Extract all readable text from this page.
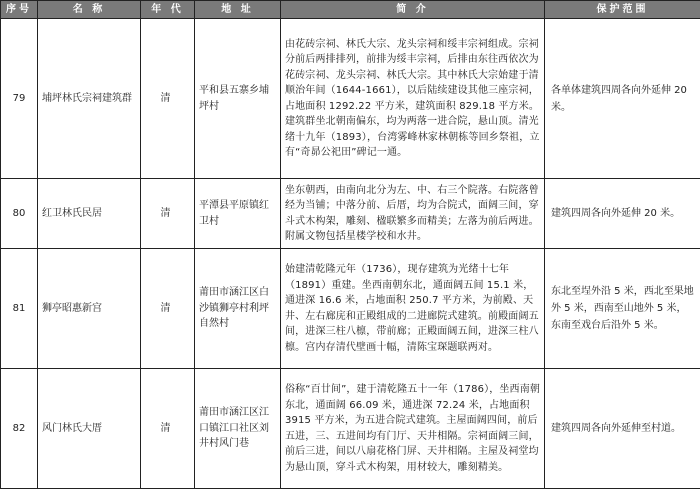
序号	名 称	年 代	地 址	简 介	保护范围
79	埔坪林氏宗祠建筑群	清	平和县五寨乡埔坪村	由花砖宗祠、林氏大宗、龙头宗祠和绥丰宗祠组成。宗祠分前后两排排列，前排为绥丰宗祠，后排由东往西依次为花砖宗祠、龙头宗祠、林氏大宗。其中林氏大宗始建于清顺治年间（1644-1661），以后陆续建设其他三座宗祠，占地面积 1292.22 平方米，建筑面积 829.18 平方米。建筑群坐北朝南偏东，均为两落一进合院，悬山顶。清光绪十九年（1893），台湾雾峰林家林朝栋等回乡祭祖，立有“奇昴公祀田”碑记一通。	各单体建筑四周各向外延伸 20 米。
80	红卫林氏民居	清	平潭县平原镇红卫村	坐东朝西，由南向北分为左、中、右三个院落。右院落曾经为当铺；中落分前、后厝，均为合院式，面阔三间，穿斗式木构架，雕刻、楹联繁多而精美；左落为前后两进。附属文物包括星楼学校和水井。	建筑四周各向外延伸 20 米。
81	狮亭昭惠新宫	清	莆田市涵江区白沙镇狮亭村利坪自然村	始建清乾隆元年（1736），现存建筑为光绪十七年（1891）重建。坐西南朝东北，通面阔五间 15.1 米，通进深 16.6 米，占地面积 250.7 平方米，为前殿、天井、左右廊庑和正殿组成的二进廊院式建筑。前殿面阔五间，进深三柱八檩，带前廊；正殿面阔五间，进深三柱八檩。宫内存清代壁画十幅，清陈宝琛题联两对。	东北至埕外沿 5 米，西北至果地外 5 米，西南至山地外 5 米，东南至戏台后沿外 5 米。
82	风门林氏大厝	清	莆田市涵江区江口镇江口社区刘井村风门巷	俗称“百廿间”，建于清乾隆五十一年（1786），坐西南朝东北，通面阔 66.09 米，通进深 72.24 米，占地面积 3915 平方米，为五进合院式建筑。主屋面阔四间，前后五进，三、五进间均有门厅、天井相隔。宗祠面阔三间，前后三进，间以八扇花格门屏、天井相隔。主屋及祠堂均为悬山顶，穿斗式木构架，用材较大，雕刻精美。	建筑四周各向外延伸至村道。
